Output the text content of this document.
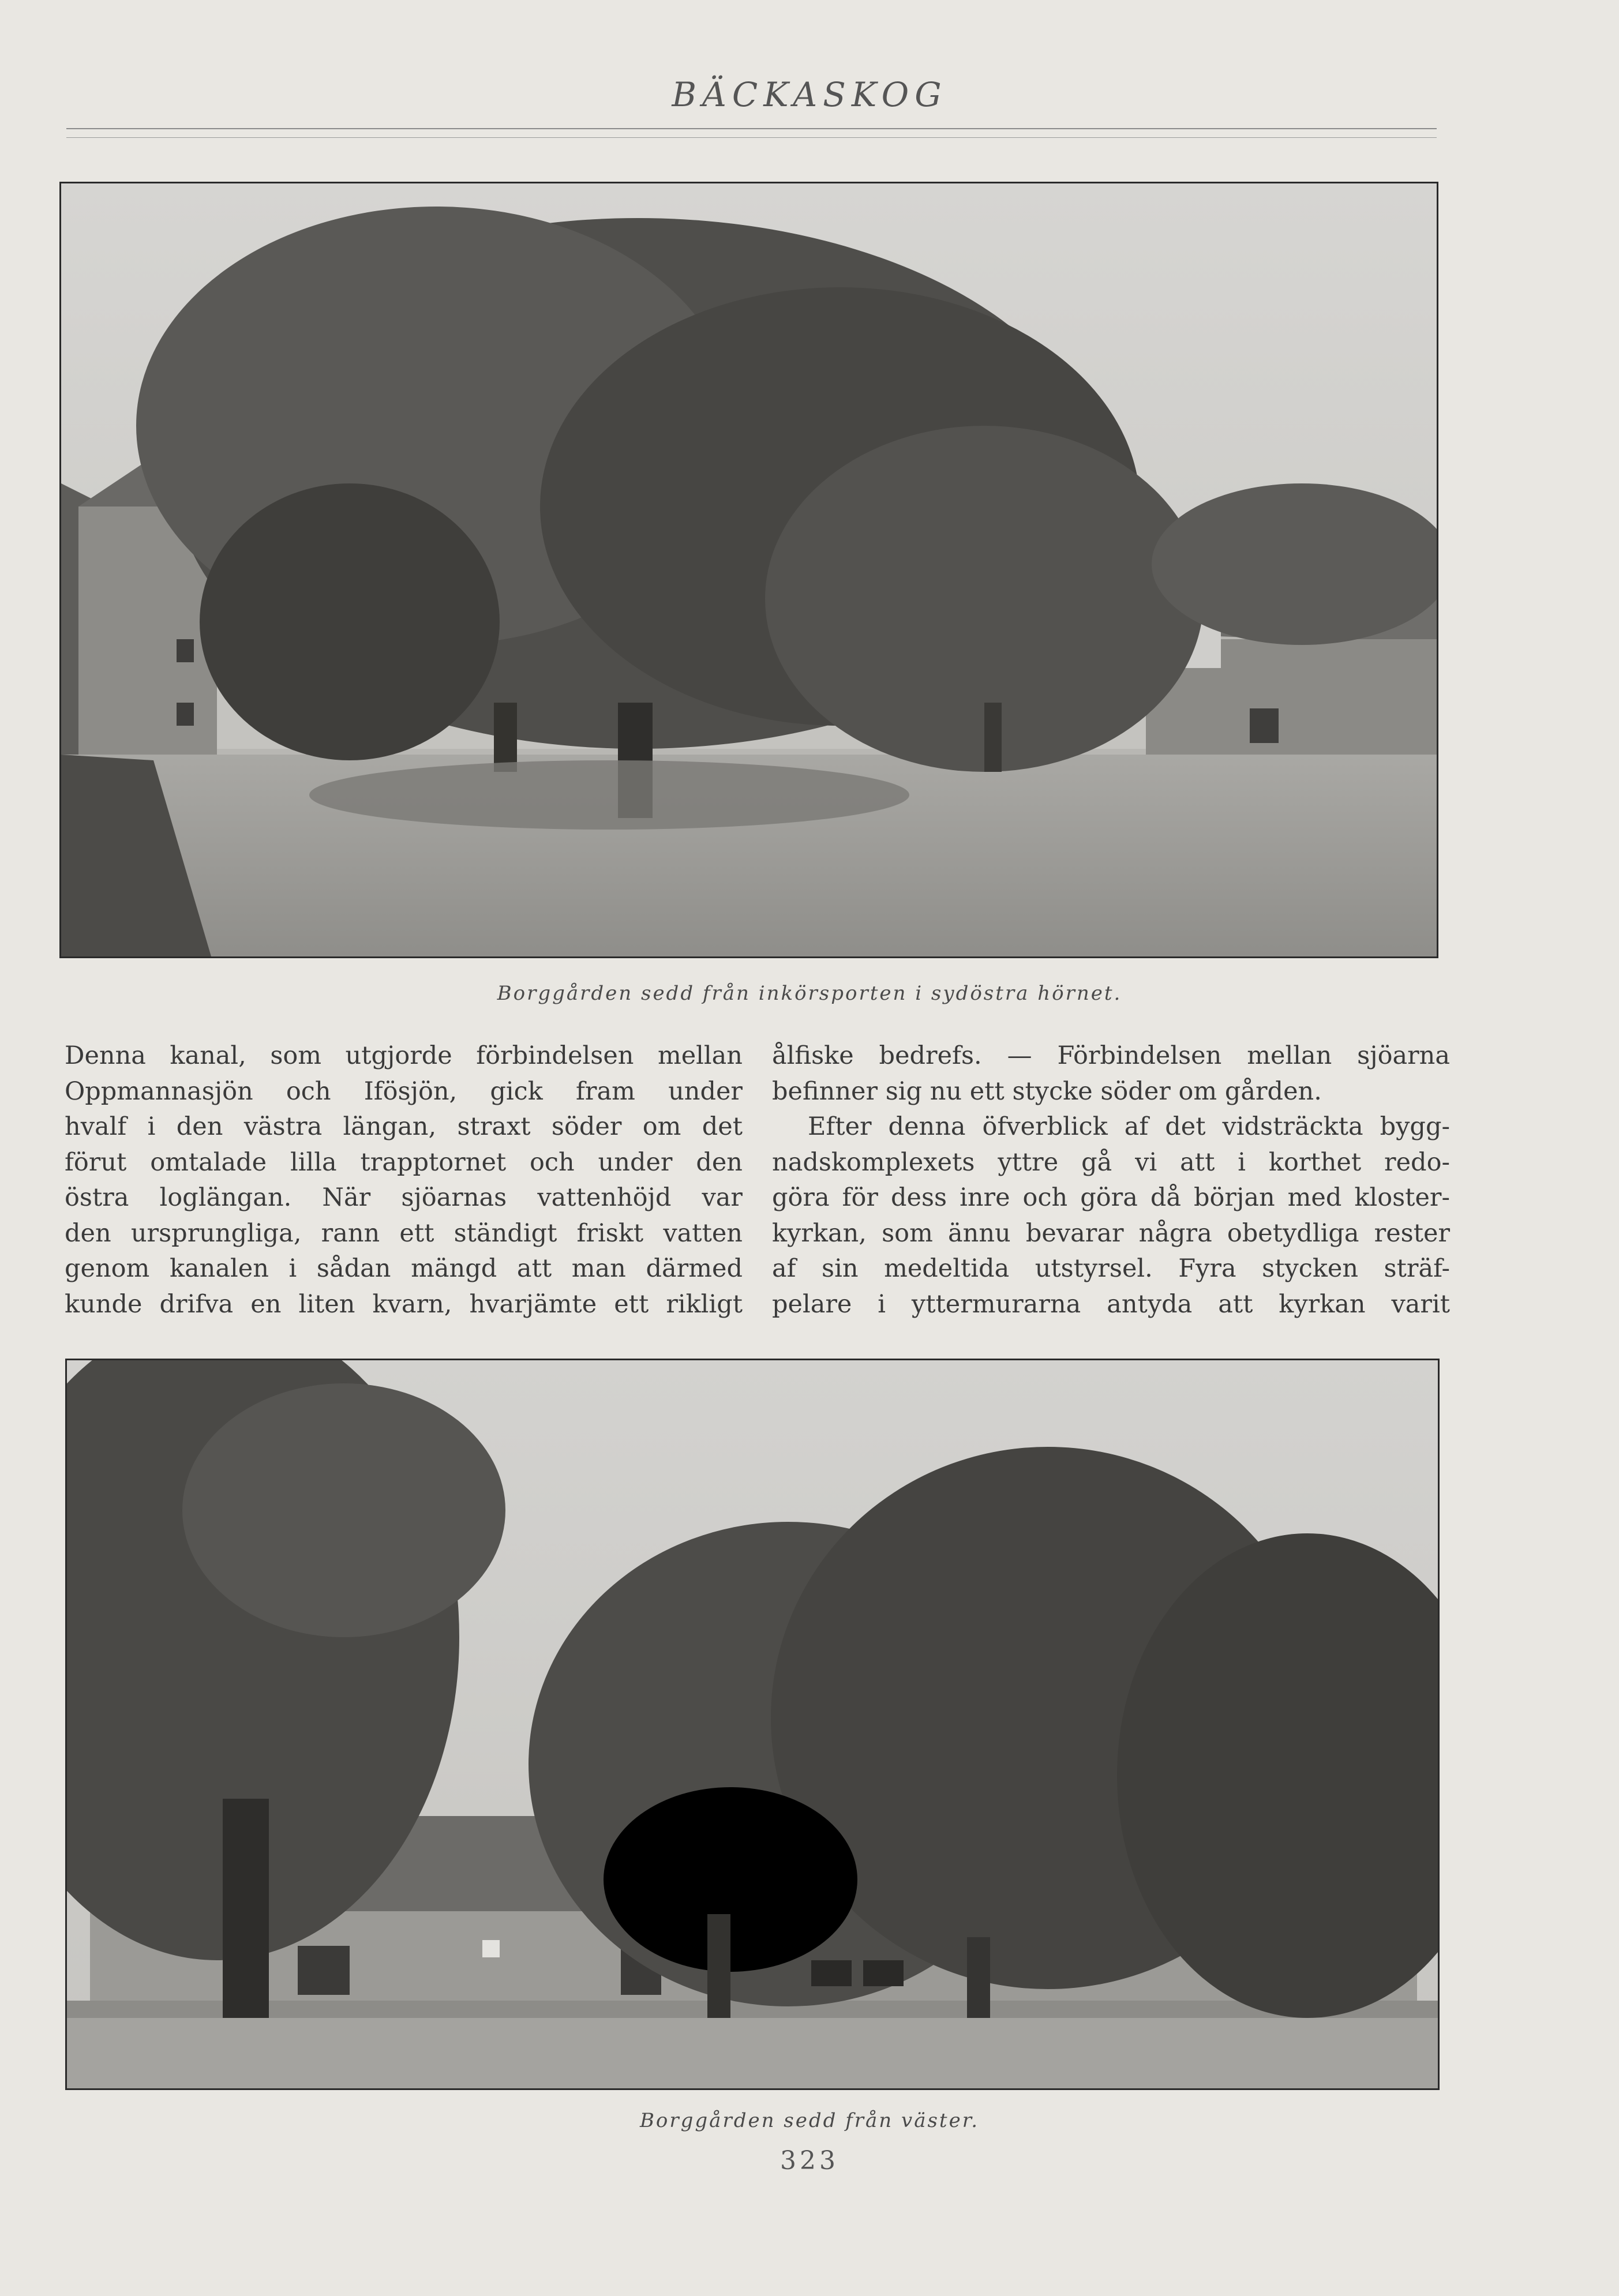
BÄCKASKOG
Borggården sedd från inkörsporten i sydöstra hörnet.

Denna kanal, som utgjorde förbindelsen mellan

Oppmannasjön och Ifösjön, gick fram under

hvalf i den västra längan, straxt söder om det

förut omtalade lilla trapptornet och under den

östra loglängan. När sjöarnas vattenhöjd var

den ursprungliga, rann ett ständigt friskt vatten

genom kanalen i sådan mängd att man därmed

kunde drifva en liten kvarn, hvarjämte ett rikligt

ålfiske bedrefs. — Förbindelsen mellan sjöarna

befinner sig nu ett stycke söder om gården.

Efter denna öfverblick af det vidsträckta bygg-

nadskomplexets yttre gå vi att i korthet redo-

göra för dess inre och göra då början med kloster-

kyrkan, som ännu bevarar några obetydliga rester

af sin medeltida utstyrsel. Fyra stycken sträf-

pelare i yttermurarna antyda att kyrkan varit

Borggården sedd från väster.
323
